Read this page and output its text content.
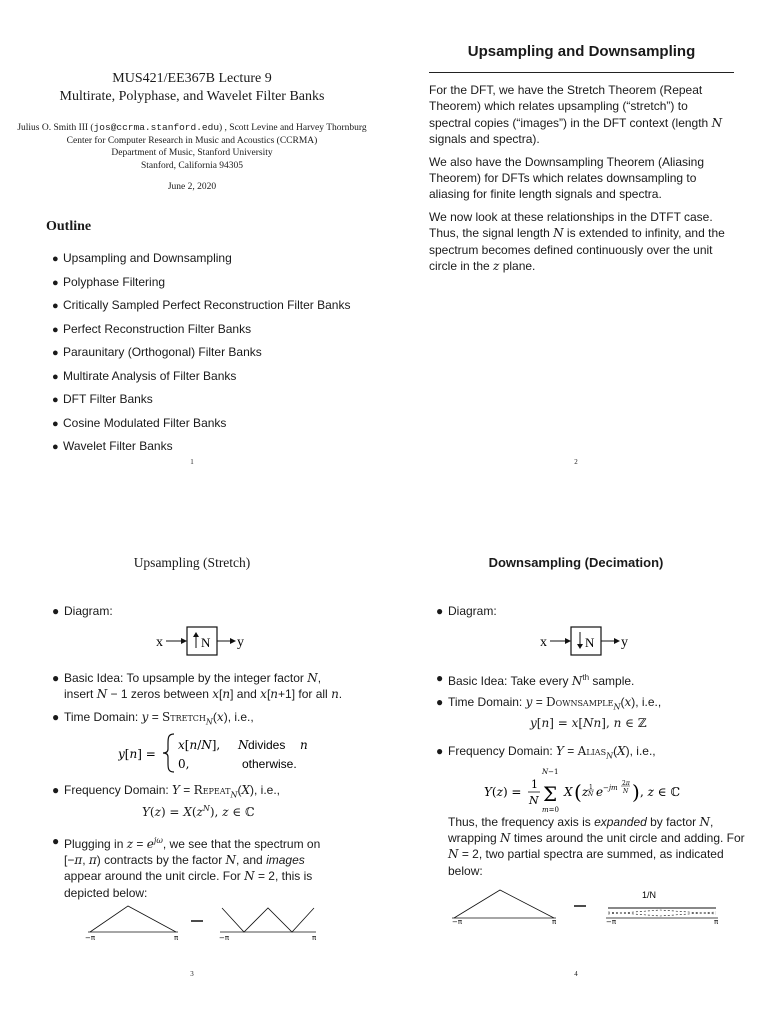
MUS421/EE367B Lecture 9
Multirate, Polyphase, and Wavelet Filter Banks
Julius O. Smith III (jos@ccrma.stanford.edu) , Scott Levine and Harvey Thornburg
Center for Computer Research in Music and Acoustics (CCRMA)
Department of Music, Stanford University
Stanford, California 94305
June 2, 2020
Outline
● Upsampling and Downsampling
● Polyphase Filtering
● Critically Sampled Perfect Reconstruction Filter Banks
● Perfect Reconstruction Filter Banks
● Paraunitary (Orthogonal) Filter Banks
● Multirate Analysis of Filter Banks
● DFT Filter Banks
● Cosine Modulated Filter Banks
● Wavelet Filter Banks
1
Upsampling and Downsampling

For the DFT, we have the Stretch Theorem (Repeat Theorem) which relates upsampling (“stretch”) to spectral copies (“images”) in the DFT context (length N signals and spectra).

We also have the Downsampling Theorem (Aliasing Theorem) for DFTs which relates downsampling to aliasing for finite length signals and spectra.

We now look at these relationships in the DTFT case. Thus, the signal length N is extended to infinity, and the spectrum becomes defined continuously over the unit circle in the z plane.

2
Upsampling (Stretch)
● Diagram:
x	N y
● Basic Idea: To upsample by the integer factor N,
insert N − 1 zeros between x[n] and x[n+1] for all n.
● Time Domain: y = Stretch$_N$(x), i.e.,
y[n] =
x[n/N], N divides n
0,	otherwise.
● Frequency Domain: Y = Repeat$_N$(X), i.e.,
$Y(z) = X(z^N)$, z ∈ ℂ
● Plugging in $z = e^{j\omega}$, we see that the spectrum on
[−π, π) contracts by the factor N, and images
appear around the unit circle. For N = 2, this is depicted below:
−π	π	−π	π
3
Downsampling (Decimation)
● Diagram:
x	N y
● Basic Idea: Take every $N^{th}$ sample.
● Time Domain: y = Downsample$_N$(x), i.e.,
y[n] = x[Nn], n ∈ ℤ
● Frequency Domain: Y = Alias$_N$(X), i.e.,
Y(z) =
1
N
N−1
Σ
m=0
X ( z 1
N e −jm
2π
N ) , z ∈ ℂ
Thus, the frequency axis is expanded by factor N,
wrapping N times around the unit circle and adding. For N = 2, two partial spectra are summed, as indicated below:
−π	π
1/N
−π	π
4
